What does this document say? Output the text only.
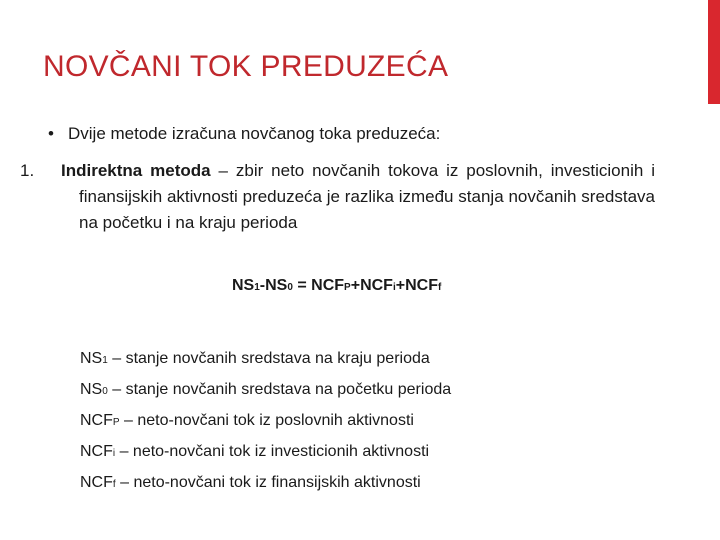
NOVČANI TOK PREDUZEĆA
• Dvije metode izračuna novčanog toka preduzeća:
1. Indirektna metoda – zbir neto novčanih tokova iz poslovnih, investicionih i finansijskih aktivnosti preduzeća je razlika između stanja novčanih sredstava na početku i na kraju perioda
NS1-NS0 = NCFP+NCFi+NCFf
NS1 – stanje novčanih sredstava na kraju perioda
NS0 – stanje novčanih sredstava na početku perioda
NCFP – neto-novčani tok iz poslovnih aktivnosti
NCFi – neto-novčani tok iz investicionih aktivnosti
NCFf – neto-novčani tok iz finansijskih aktivnosti
